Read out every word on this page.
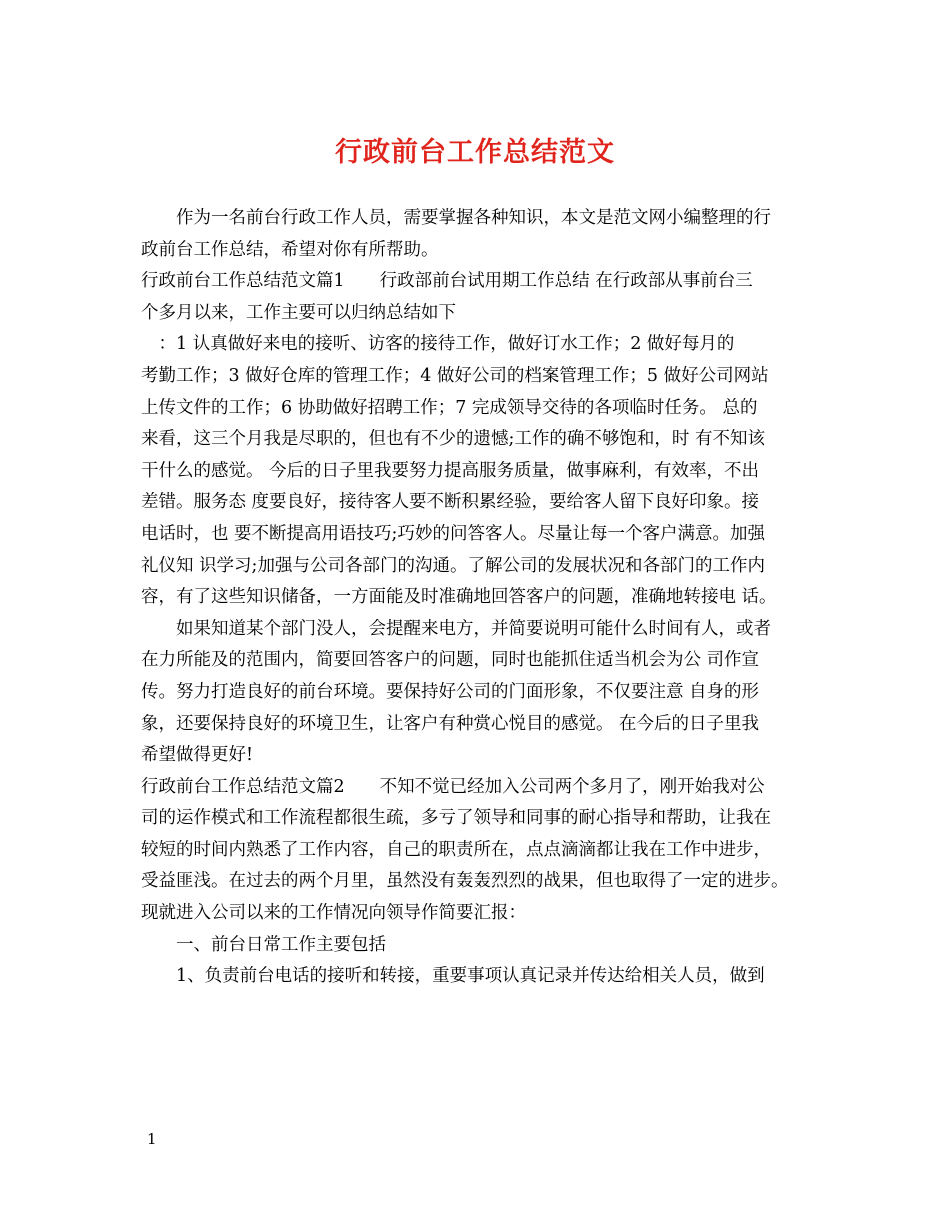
行政前台工作总结范文
　　作为一名前台行政工作人员，需要掌握各种知识，本文是范文网小编整理的行
政前台工作总结，希望对你有所帮助。
行政前台工作总结范文篇1　　行政部前台试用期工作总结 在行政部从事前台三
个多月以来，工作主要可以归纳总结如下
　：1 认真做好来电的接听、访客的接待工作，做好订水工作；2 做好每月的
考勤工作；3 做好仓库的管理工作；4 做好公司的档案管理工作；5 做好公司网站
上传文件的工作；6 协助做好招聘工作；7 完成领导交待的各项临时任务。 总的
来看，这三个月我是尽职的，但也有不少的遗憾;工作的确不够饱和，时 有不知该
干什么的感觉。 今后的日子里我要努力提高服务质量，做事麻利，有效率，不出
差错。服务态 度要良好，接待客人要不断积累经验，要给客人留下良好印象。接
电话时，也 要不断提高用语技巧;巧妙的问答客人。尽量让每一个客户满意。加强
礼仪知 识学习;加强与公司各部门的沟通。了解公司的发展状况和各部门的工作内
容，有了这些知识储备，一方面能及时准确地回答客户的问题，准确地转接电 话。
　　如果知道某个部门没人，会提醒来电方，并简要说明可能什么时间有人，或者
在力所能及的范围内，简要回答客户的问题，同时也能抓住适当机会为公 司作宣
传。努力打造良好的前台环境。要保持好公司的门面形象，不仅要注意 自身的形
象，还要保持良好的环境卫生，让客户有种赏心悦目的感觉。 在今后的日子里我
希望做得更好!
行政前台工作总结范文篇2　　不知不觉已经加入公司两个多月了，刚开始我对公
司的运作模式和工作流程都很生疏，多亏了领导和同事的耐心指导和帮助，让我在
较短的时间内熟悉了工作内容，自己的职责所在，点点滴滴都让我在工作中进步，
受益匪浅。在过去的两个月里，虽然没有轰轰烈烈的战果，但也取得了一定的进步。
现就进入公司以来的工作情况向领导作简要汇报：
　　一、前台日常工作主要包括
　　1、负责前台电话的接听和转接，重要事项认真记录并传达给相关人员，做到
1
